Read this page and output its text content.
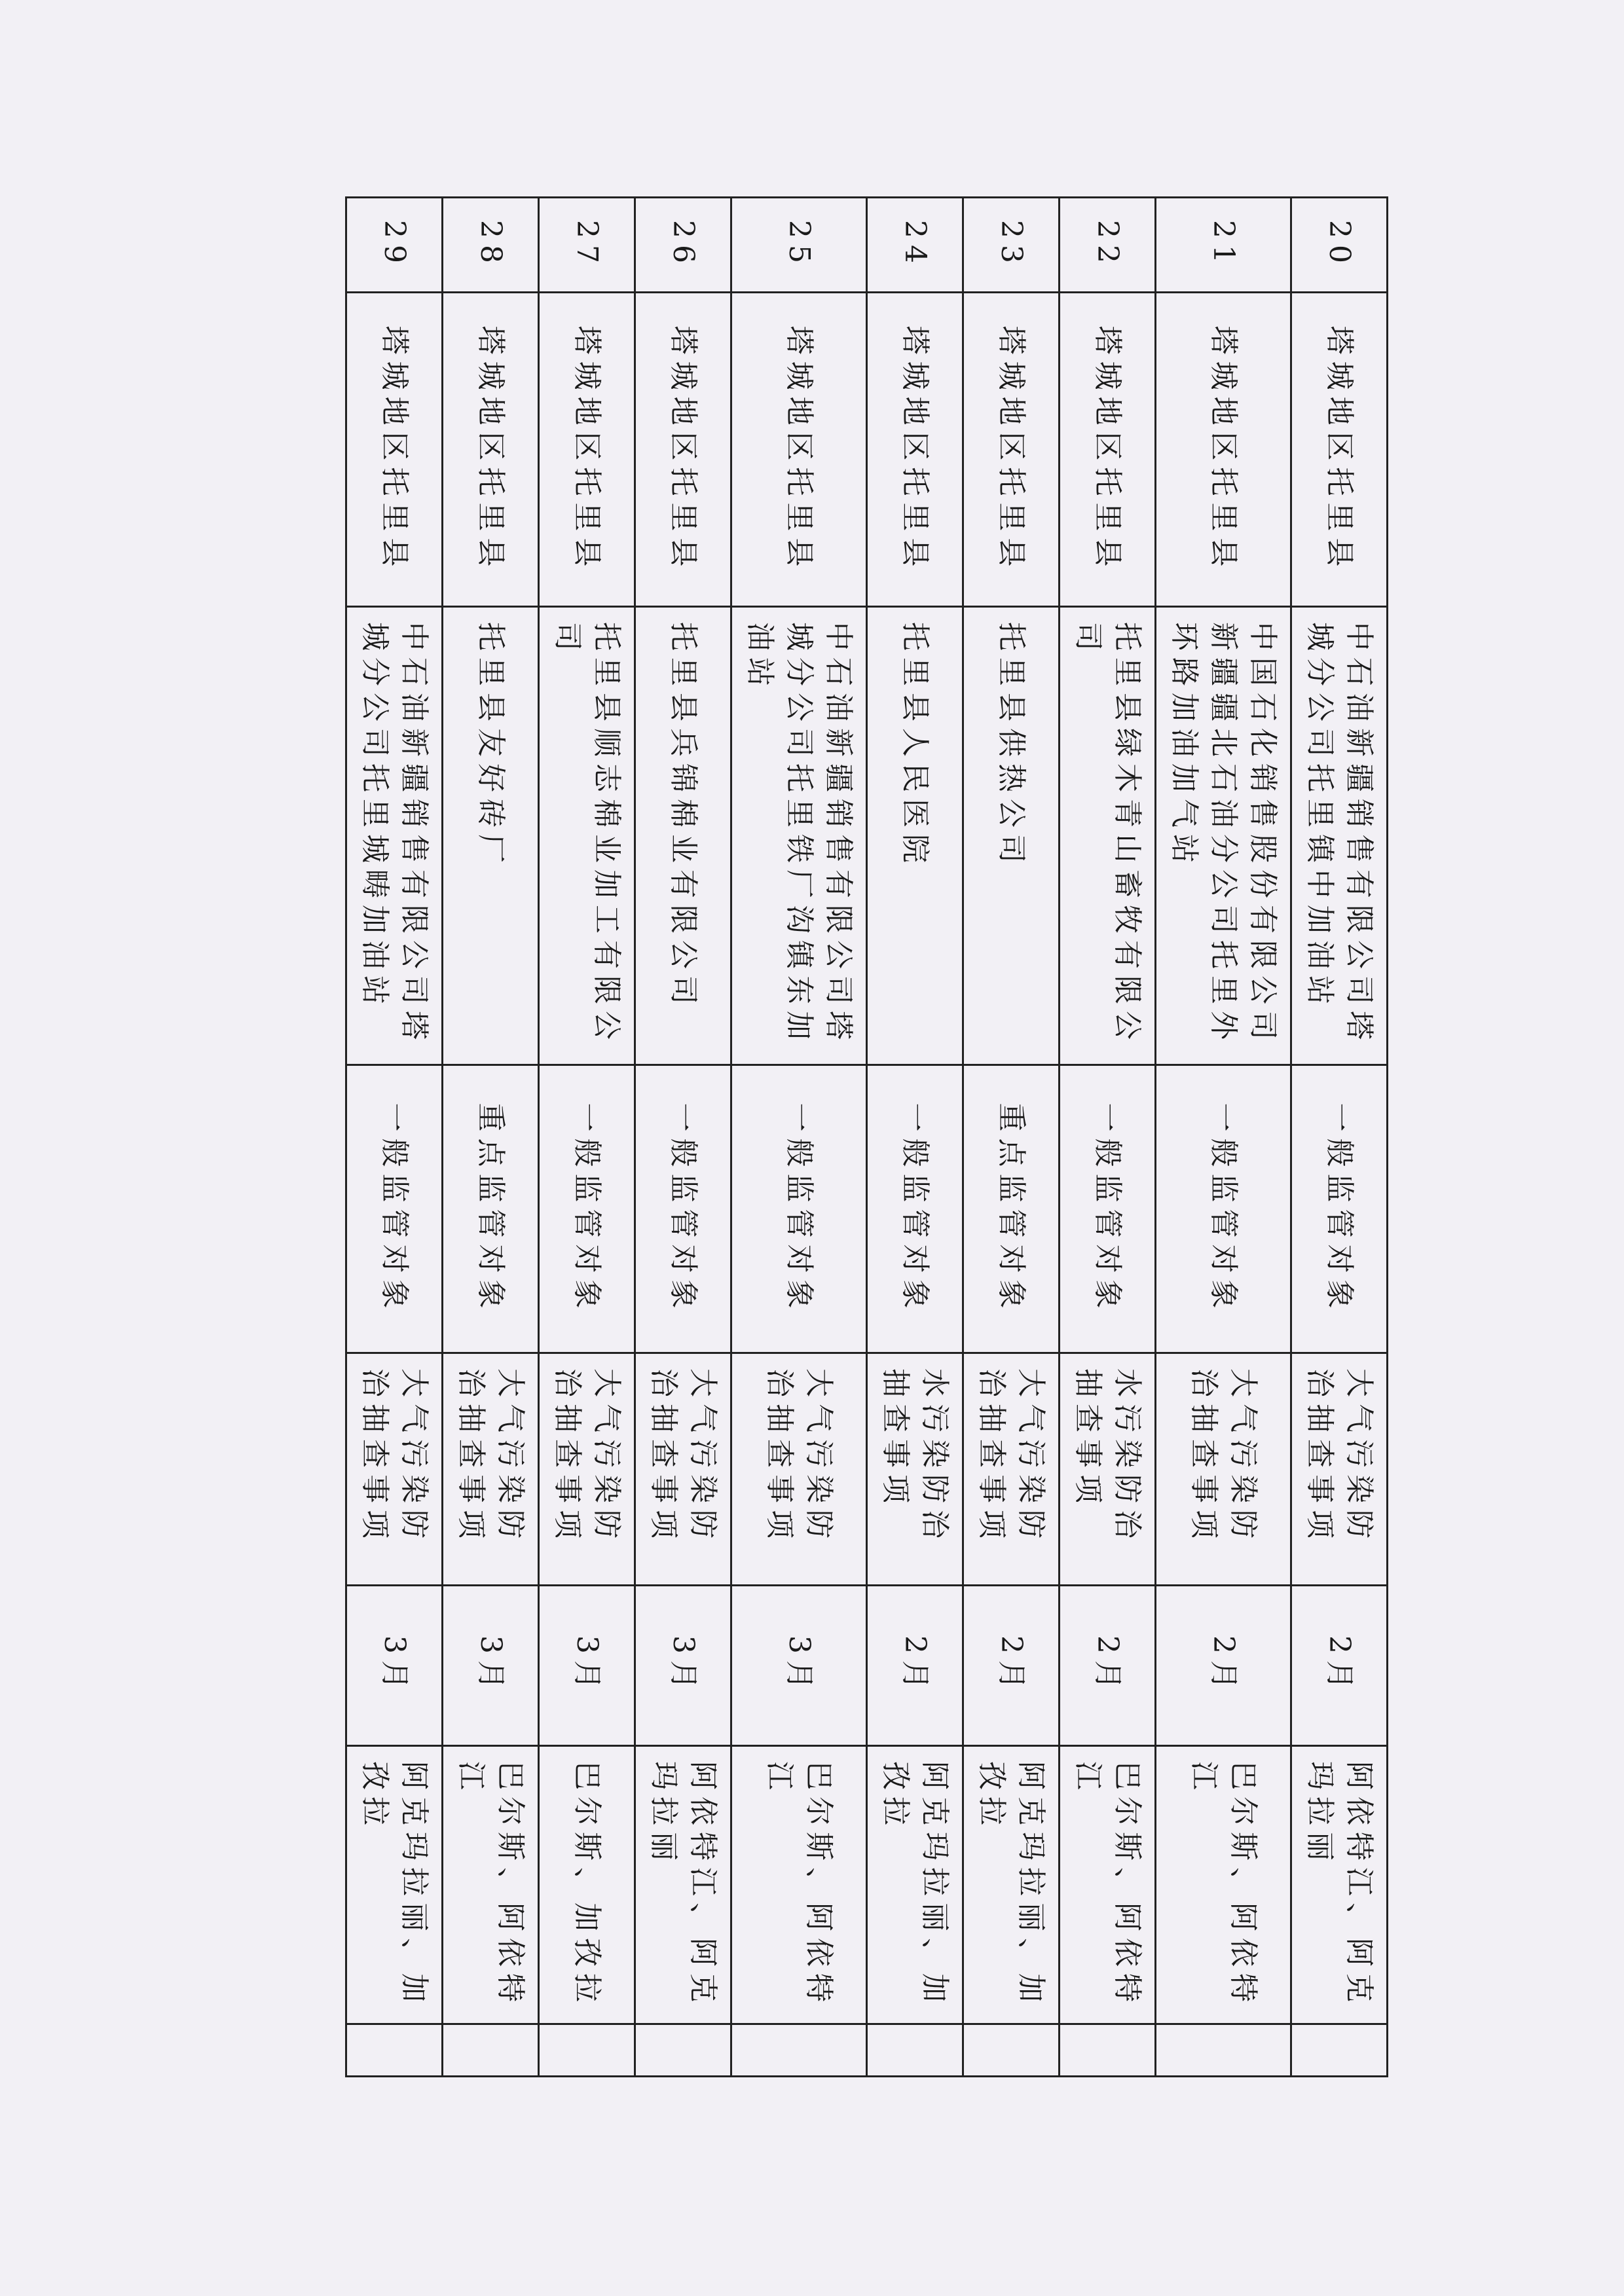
20	塔城地区托里县	中石油新疆销售有限公司塔城分公司托里镇中加油站	一般监管对象	大气污染防治抽查事项	2月	阿依特江、阿克玛拉丽	
21	塔城地区托里县	中国石化销售股份有限公司新疆疆北石油分公司托里外环路加油加气站	一般监管对象	大气污染防治抽查事项	2月	巴尔斯、阿依特江	
22	塔城地区托里县	托里县绿木青山畜牧有限公司	一般监管对象	水污染防治抽查事项	2月	巴尔斯、阿依特江	
23	塔城地区托里县	托里县供热公司	重点监管对象	大气污染防治抽查事项	2月	阿克玛拉丽、加孜拉	
24	塔城地区托里县	托里县人民医院	一般监管对象	水污染防治抽查事项	2月	阿克玛拉丽、加孜拉	
25	塔城地区托里县	中石油新疆销售有限公司塔城分公司托里铁厂沟镇东加油站	一般监管对象	大气污染防治抽查事项	3月	巴尔斯、阿依特江	
26	塔城地区托里县	托里县兵锦棉业有限公司	一般监管对象	大气污染防治抽查事项	3月	阿依特江、阿克玛拉丽	
27	塔城地区托里县	托里县顺志棉业加工有限公司	一般监管对象	大气污染防治抽查事项	3月	巴尔斯、加孜拉	
28	塔城地区托里县	托里县友好砖厂	重点监管对象	大气污染防治抽查事项	3月	巴尔斯、阿依特江	
29	塔城地区托里县	中石油新疆销售有限公司塔城分公司托里城畴加油站	一般监管对象	大气污染防治抽查事项	3月	阿克玛拉丽、加孜拉	
